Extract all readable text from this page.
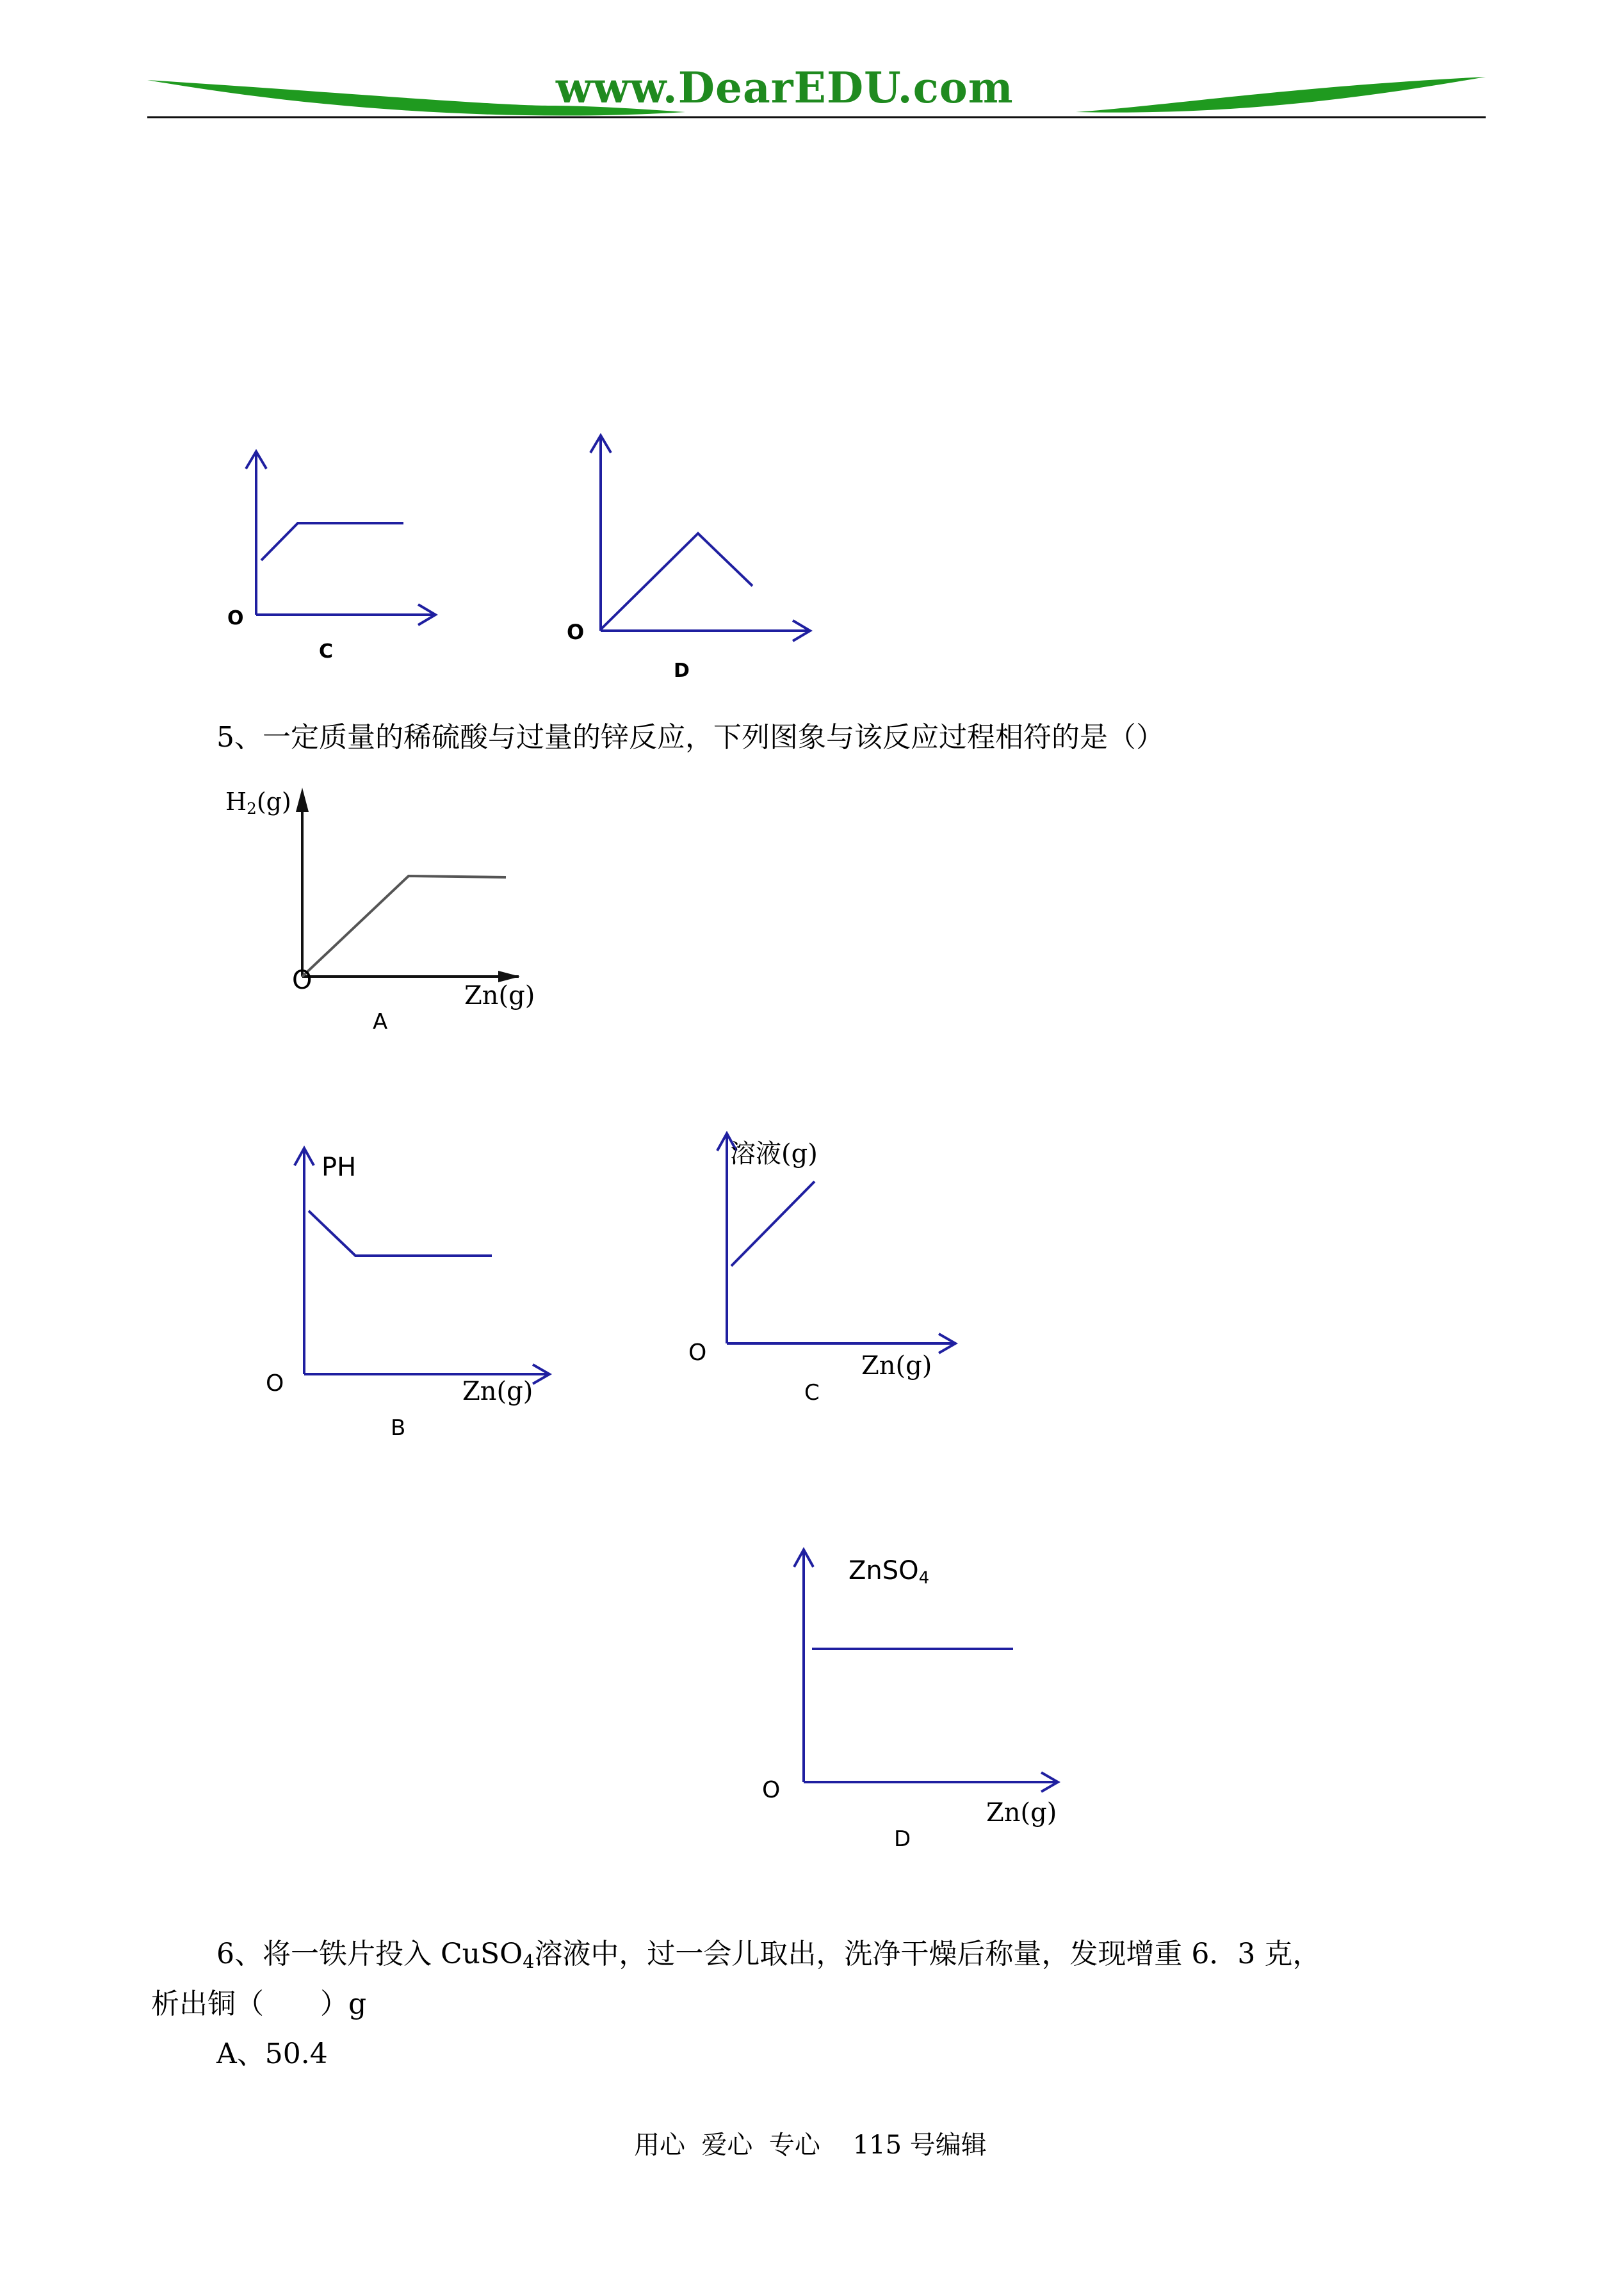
www.DearEDU.com
O
C
O
D
5、一定质量的稀硫酸与过量的锌反应，下列图象与该反应过程相符的是（）
$H_2(g)$
O
Zn(g)
A
PH
O	Zn(g)
B
溶液(g)
O	Zn(g)
C
ZnSO$_4$
O
Zn(g)
D
6、将一铁片投入 CuSO$_4$溶液中，过一会儿取出，洗净干燥后称量，发现增重 6．3 克，
析出铜（　　）g
A、50.4
用心  爱心  专心    115 号编辑
